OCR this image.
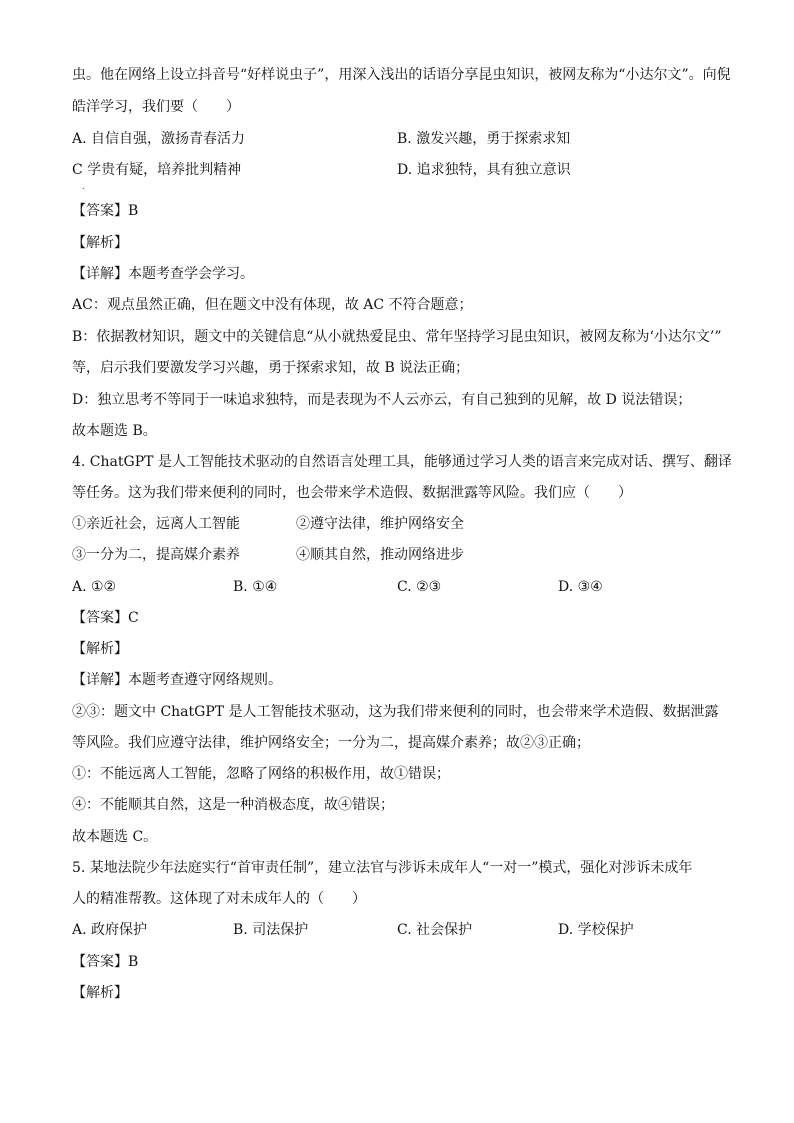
虫。他在网络上设立抖音号“好样说虫子”，用深入浅出的话语分享昆虫知识，被网友称为“小达尔文”。向倪
皓洋学习，我们要（　　）
A. 自信自强，激扬青春活力	B. 激发兴趣，勇于探索求知
C 学贵有疑，培养批判精神	D. 追求独特，具有独立意识
.
【答案】B
【解析】
【详解】本题考查学会学习。
AC：观点虽然正确，但在题文中没有体现，故 AC 不符合题意；
B：依据教材知识，题文中的关键信息“从小就热爱昆虫、常年坚持学习昆虫知识，被网友称为‘小达尔文’”
等，启示我们要激发学习兴趣，勇于探索求知，故 B 说法正确；
D：独立思考不等同于一味追求独特，而是表现为不人云亦云，有自己独到的见解，故 D 说法错误；
故本题选 B。
4. ChatGPT 是人工智能技术驱动的自然语言处理工具，能够通过学习人类的语言来完成对话、撰写、翻译
等任务。这为我们带来便利的同时，也会带来学术造假、数据泄露等风险。我们应（　　）
①亲近社会，远离人工智能	②遵守法律，维护网络安全
③一分为二，提高媒介素养	④顺其自然，推动网络进步
A. ①②	B. ①④	C. ②③	D. ③④
【答案】C
【解析】
【详解】本题考查遵守网络规则。
②③：题文中 ChatGPT 是人工智能技术驱动，这为我们带来便利的同时，也会带来学术造假、数据泄露
等风险。我们应遵守法律，维护网络安全；一分为二，提高媒介素养；故②③正确；
①：不能远离人工智能，忽略了网络的积极作用，故①错误；
④：不能顺其自然，这是一种消极态度，故④错误；
故本题选 C。
5. 某地法院少年法庭实行“首审责任制”，建立法官与涉诉未成年人“一对一”模式，强化对涉诉未成年
人的精准帮教。这体现了对未成年人的（　　）
A. 政府保护	B. 司法保护	C. 社会保护	D. 学校保护
【答案】B
【解析】
